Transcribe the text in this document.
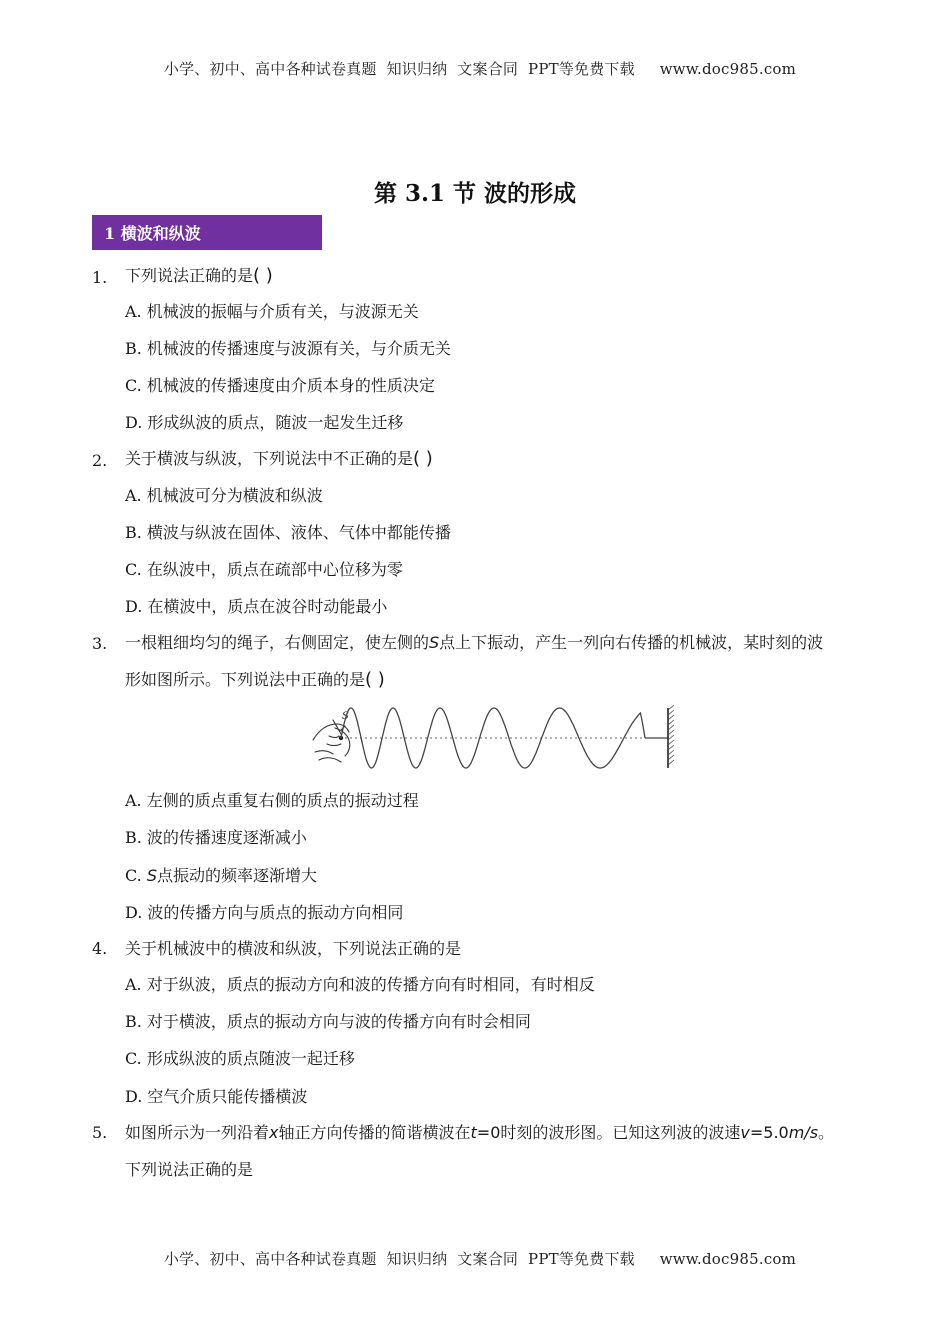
小学、初中、高中各种试卷真题  知识归纳  文案合同  PPT等免费下载 www.doc985.com

第 3.1 节 波的形成
1 横波和纵波
1. 下列说法正确的是( )
A. 机械波的振幅与介质有关，与波源无关
B. 机械波的传播速度与波源有关，与介质无关
C. 机械波的传播速度由介质本身的性质决定
D. 形成纵波的质点，随波一起发生迁移
2. 关于横波与纵波，下列说法中不正确的是( )
A. 机械波可分为横波和纵波
B. 横波与纵波在固体、液体、气体中都能传播
C. 在纵波中，质点在疏部中心位移为零
D. 在横波中，质点在波谷时动能最小
3. 一根粗细均匀的绳子，右侧固定，使左侧的S点上下振动，产生一列向右传播的机械波，某时刻的波
形如图所示。下列说法中正确的是( )
S
A. 左侧的质点重复右侧的质点的振动过程
B. 波的传播速度逐渐减小
C. S点振动的频率逐渐增大
D. 波的传播方向与质点的振动方向相同
4. 关于机械波中的横波和纵波，下列说法正确的是
A. 对于纵波，质点的振动方向和波的传播方向有时相同，有时相反
B. 对于横波，质点的振动方向与波的传播方向有时会相同
C. 形成纵波的质点随波一起迁移
D. 空气介质只能传播横波
5. 如图所示为一列沿着x轴正方向传播的简谐横波在t=0时刻的波形图。已知这列波的波速v=5.0m/s。
下列说法正确的是

小学、初中、高中各种试卷真题  知识归纳  文案合同  PPT等免费下载 www.doc985.com
